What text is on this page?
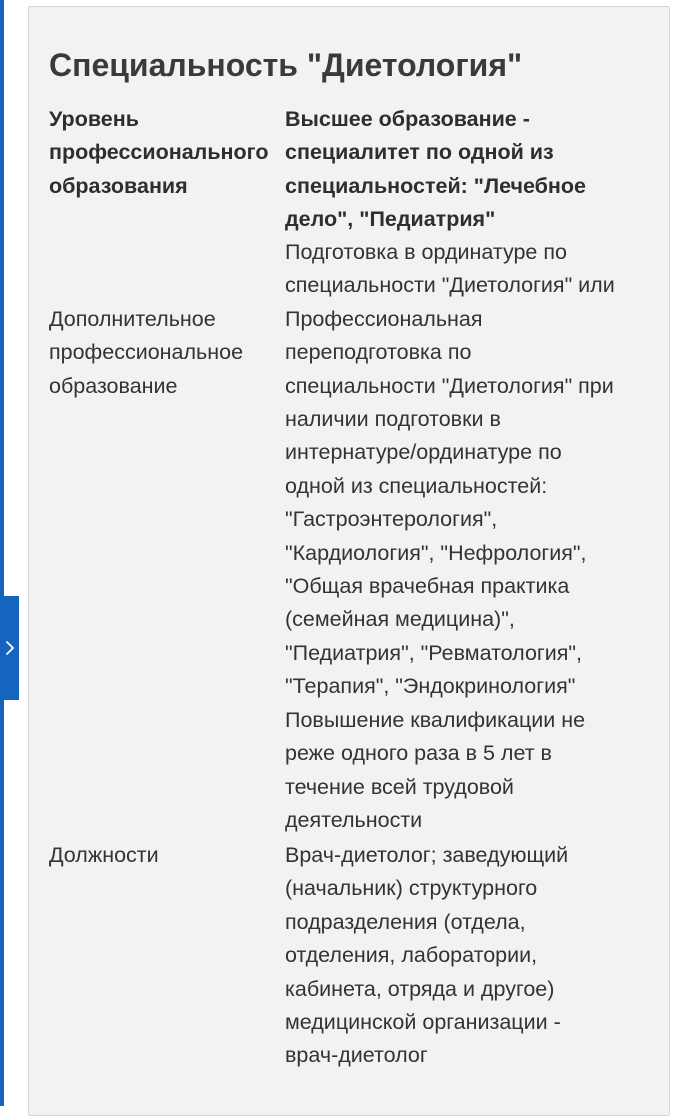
Специальность "Диетология"
Уровень
профессионального
образования
Высшее образование -
специалитет по одной из
специальностей: "Лечебное
дело", "Педиатрия"
Дополнительное
профессиональное
образование
Подготовка в ординатуре по
специальности "Диетология" или
Профессиональная
переподготовка по
специальности "Диетология" при
наличии подготовки в
интернатуре/ординатуре по
одной из специальностей:
"Гастроэнтерология",
"Кардиология", "Нефрология",
"Общая врачебная практика
(семейная медицина)",
"Педиатрия", "Ревматология",
"Терапия", "Эндокринология"
Повышение квалификации не
реже одного раза в 5 лет в
течение всей трудовой
деятельности
Должности	Врач-диетолог; заведующий
(начальник) структурного
подразделения (отдела,
отделения, лаборатории,
кабинета, отряда и другое)
медицинской организации -
врач-диетолог
